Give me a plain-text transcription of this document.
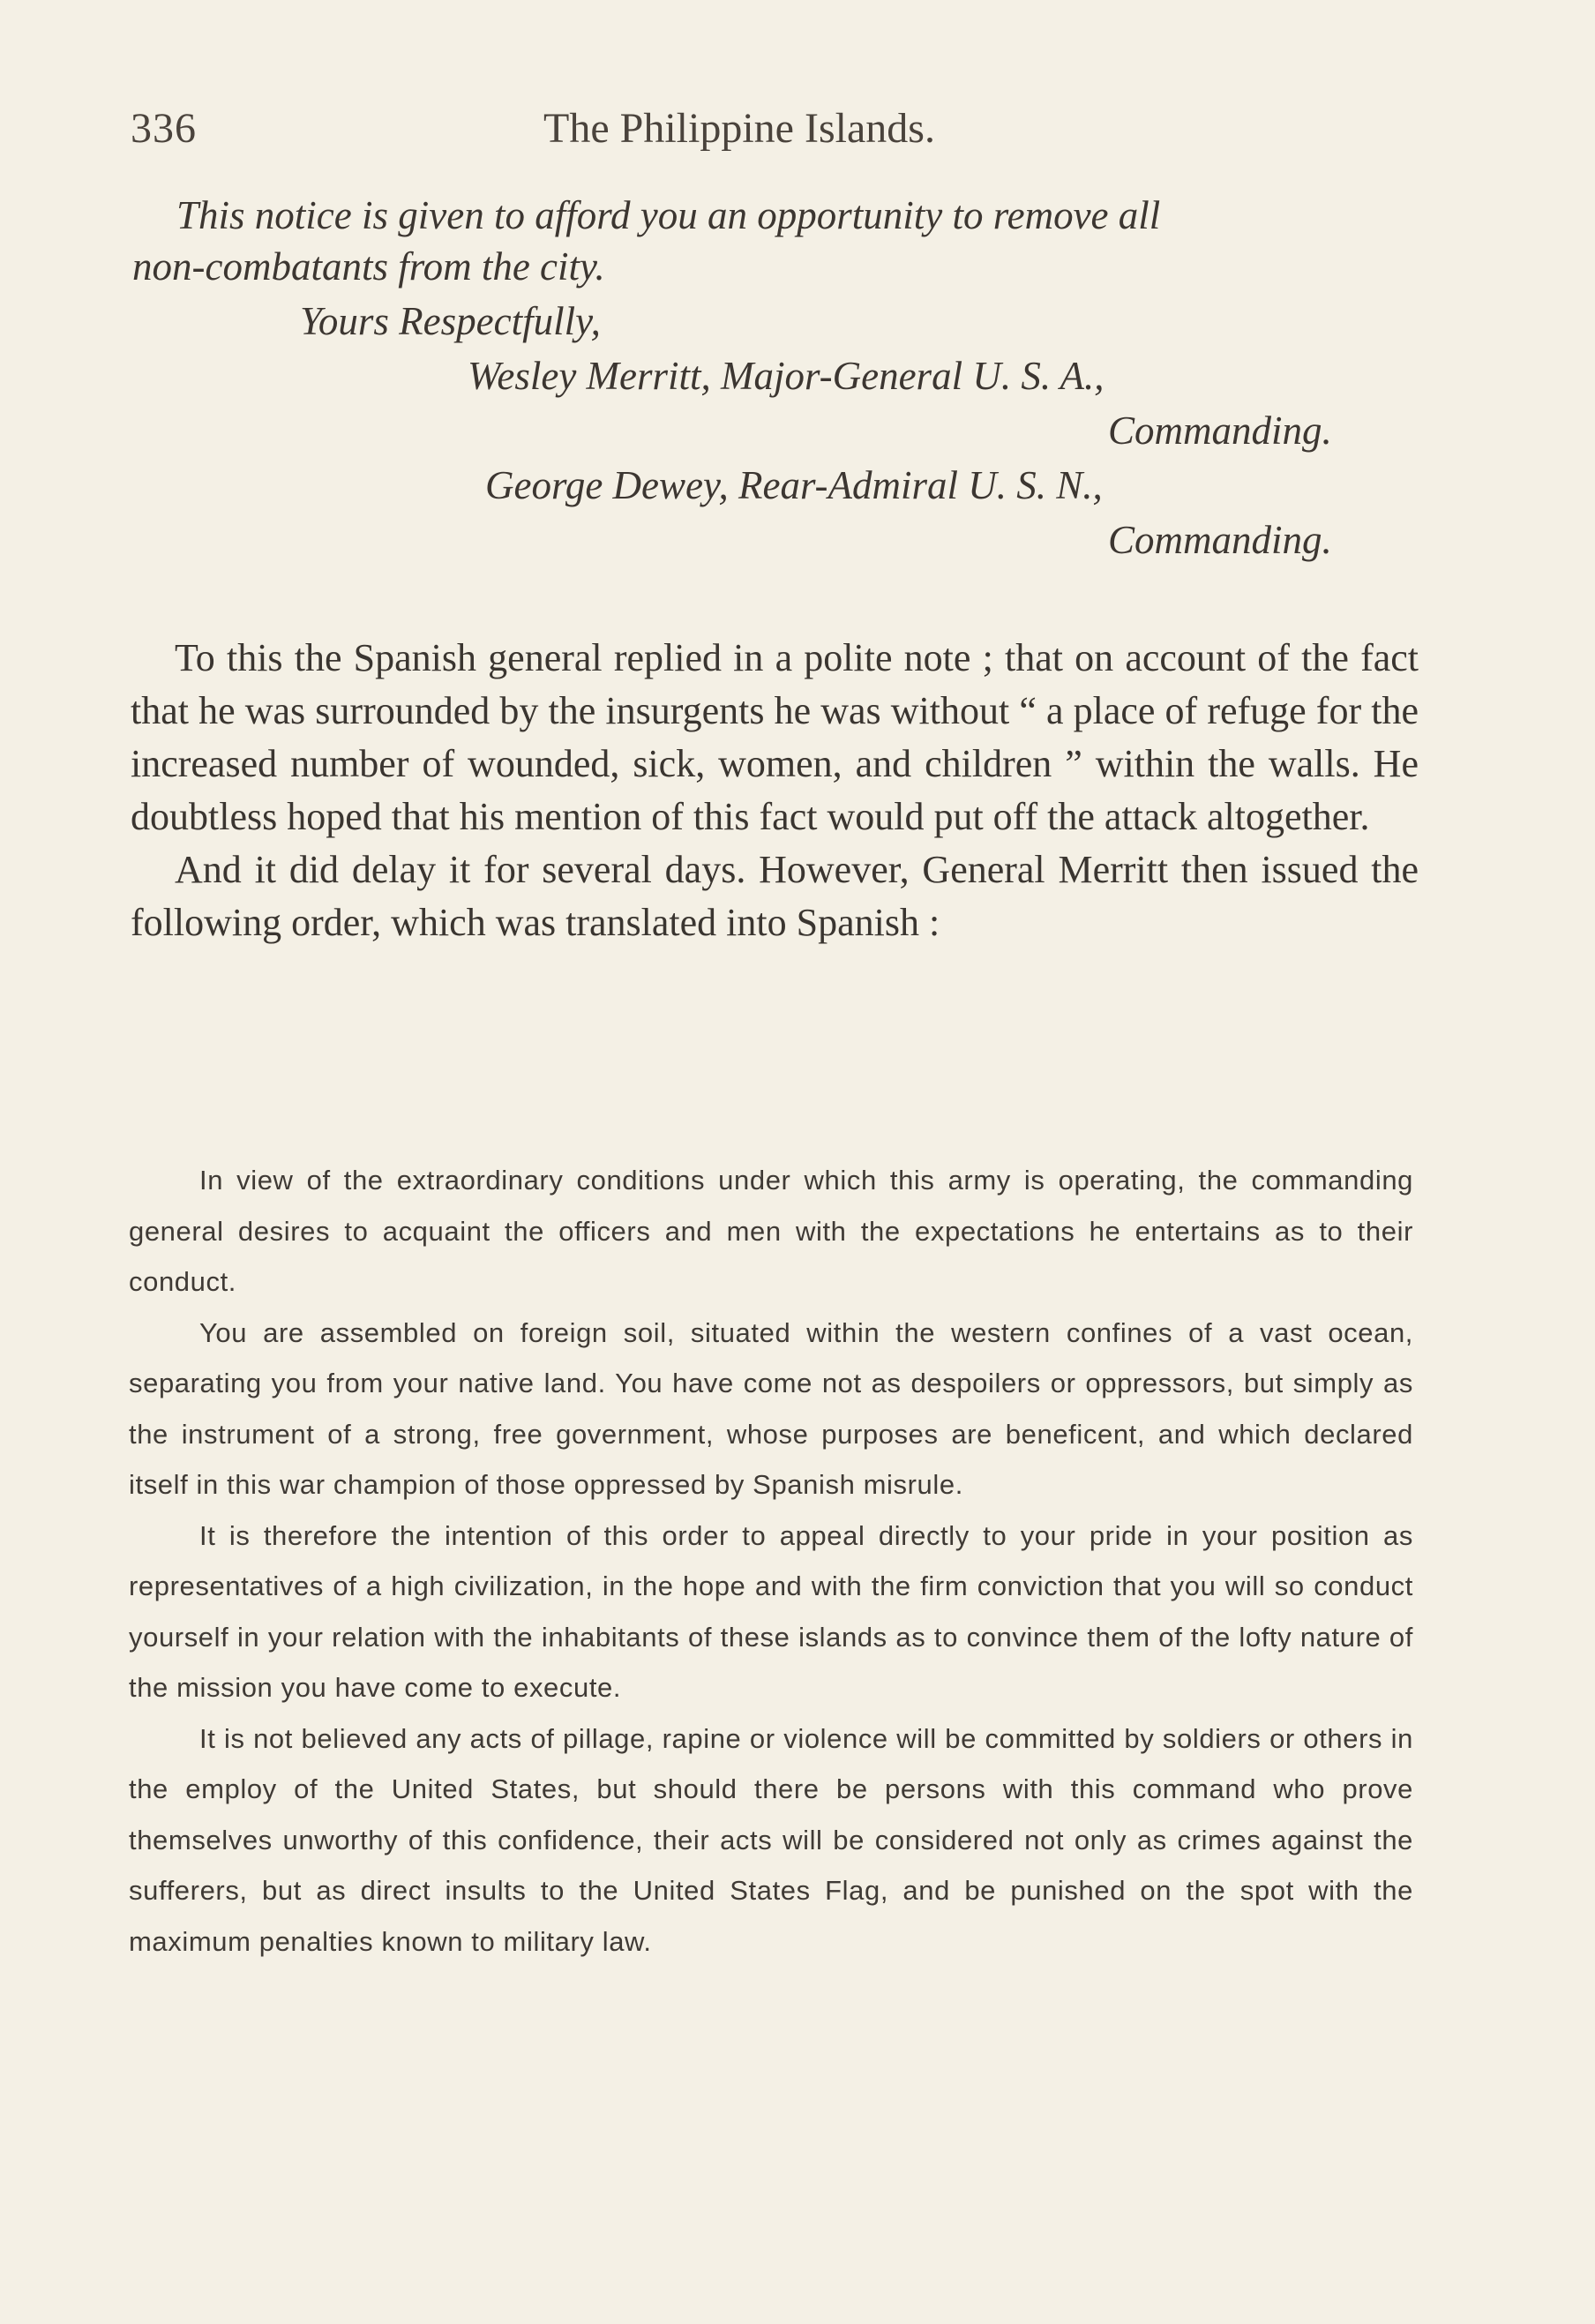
336	The Philippine Islands.
This notice is given to afford you an opportunity to remove all
non-combatants from the city.
Yours Respectfully,
Wesley Merritt, Major-General U. S. A.,
Commanding.
George Dewey, Rear-Admiral U. S. N.,
Commanding.

To this the Spanish general replied in a polite note ; that on account of the fact that he was surrounded by the insurgents he was without “ a place of refuge for the increased number of wounded, sick, women, and children ” within the walls. He doubtless hoped that his mention of this fact would put off the attack altogether.

And it did delay it for several days. However, General Merritt then issued the following order, which was translated into Spanish :

In view of the extraordinary conditions under which this army is operating, the commanding general desires to acquaint the officers and men with the expectations he entertains as to their conduct.

You are assembled on foreign soil, situated within the western confines of a vast ocean, separating you from your native land. You have come not as despoilers or oppressors, but simply as the instrument of a strong, free government, whose purposes are beneficent, and which declared itself in this war champion of those oppressed by Spanish misrule.

It is therefore the intention of this order to appeal directly to your pride in your position as representatives of a high civilization, in the hope and with the firm conviction that you will so conduct yourself in your relation with the inhabitants of these islands as to convince them of the lofty nature of the mission you have come to execute.

It is not believed any acts of pillage, rapine or violence will be committed by soldiers or others in the employ of the United States, but should there be persons with this command who prove themselves unworthy of this confidence, their acts will be considered not only as crimes against the sufferers, but as direct insults to the United States Flag, and be punished on the spot with the maximum penalties known to military law.
